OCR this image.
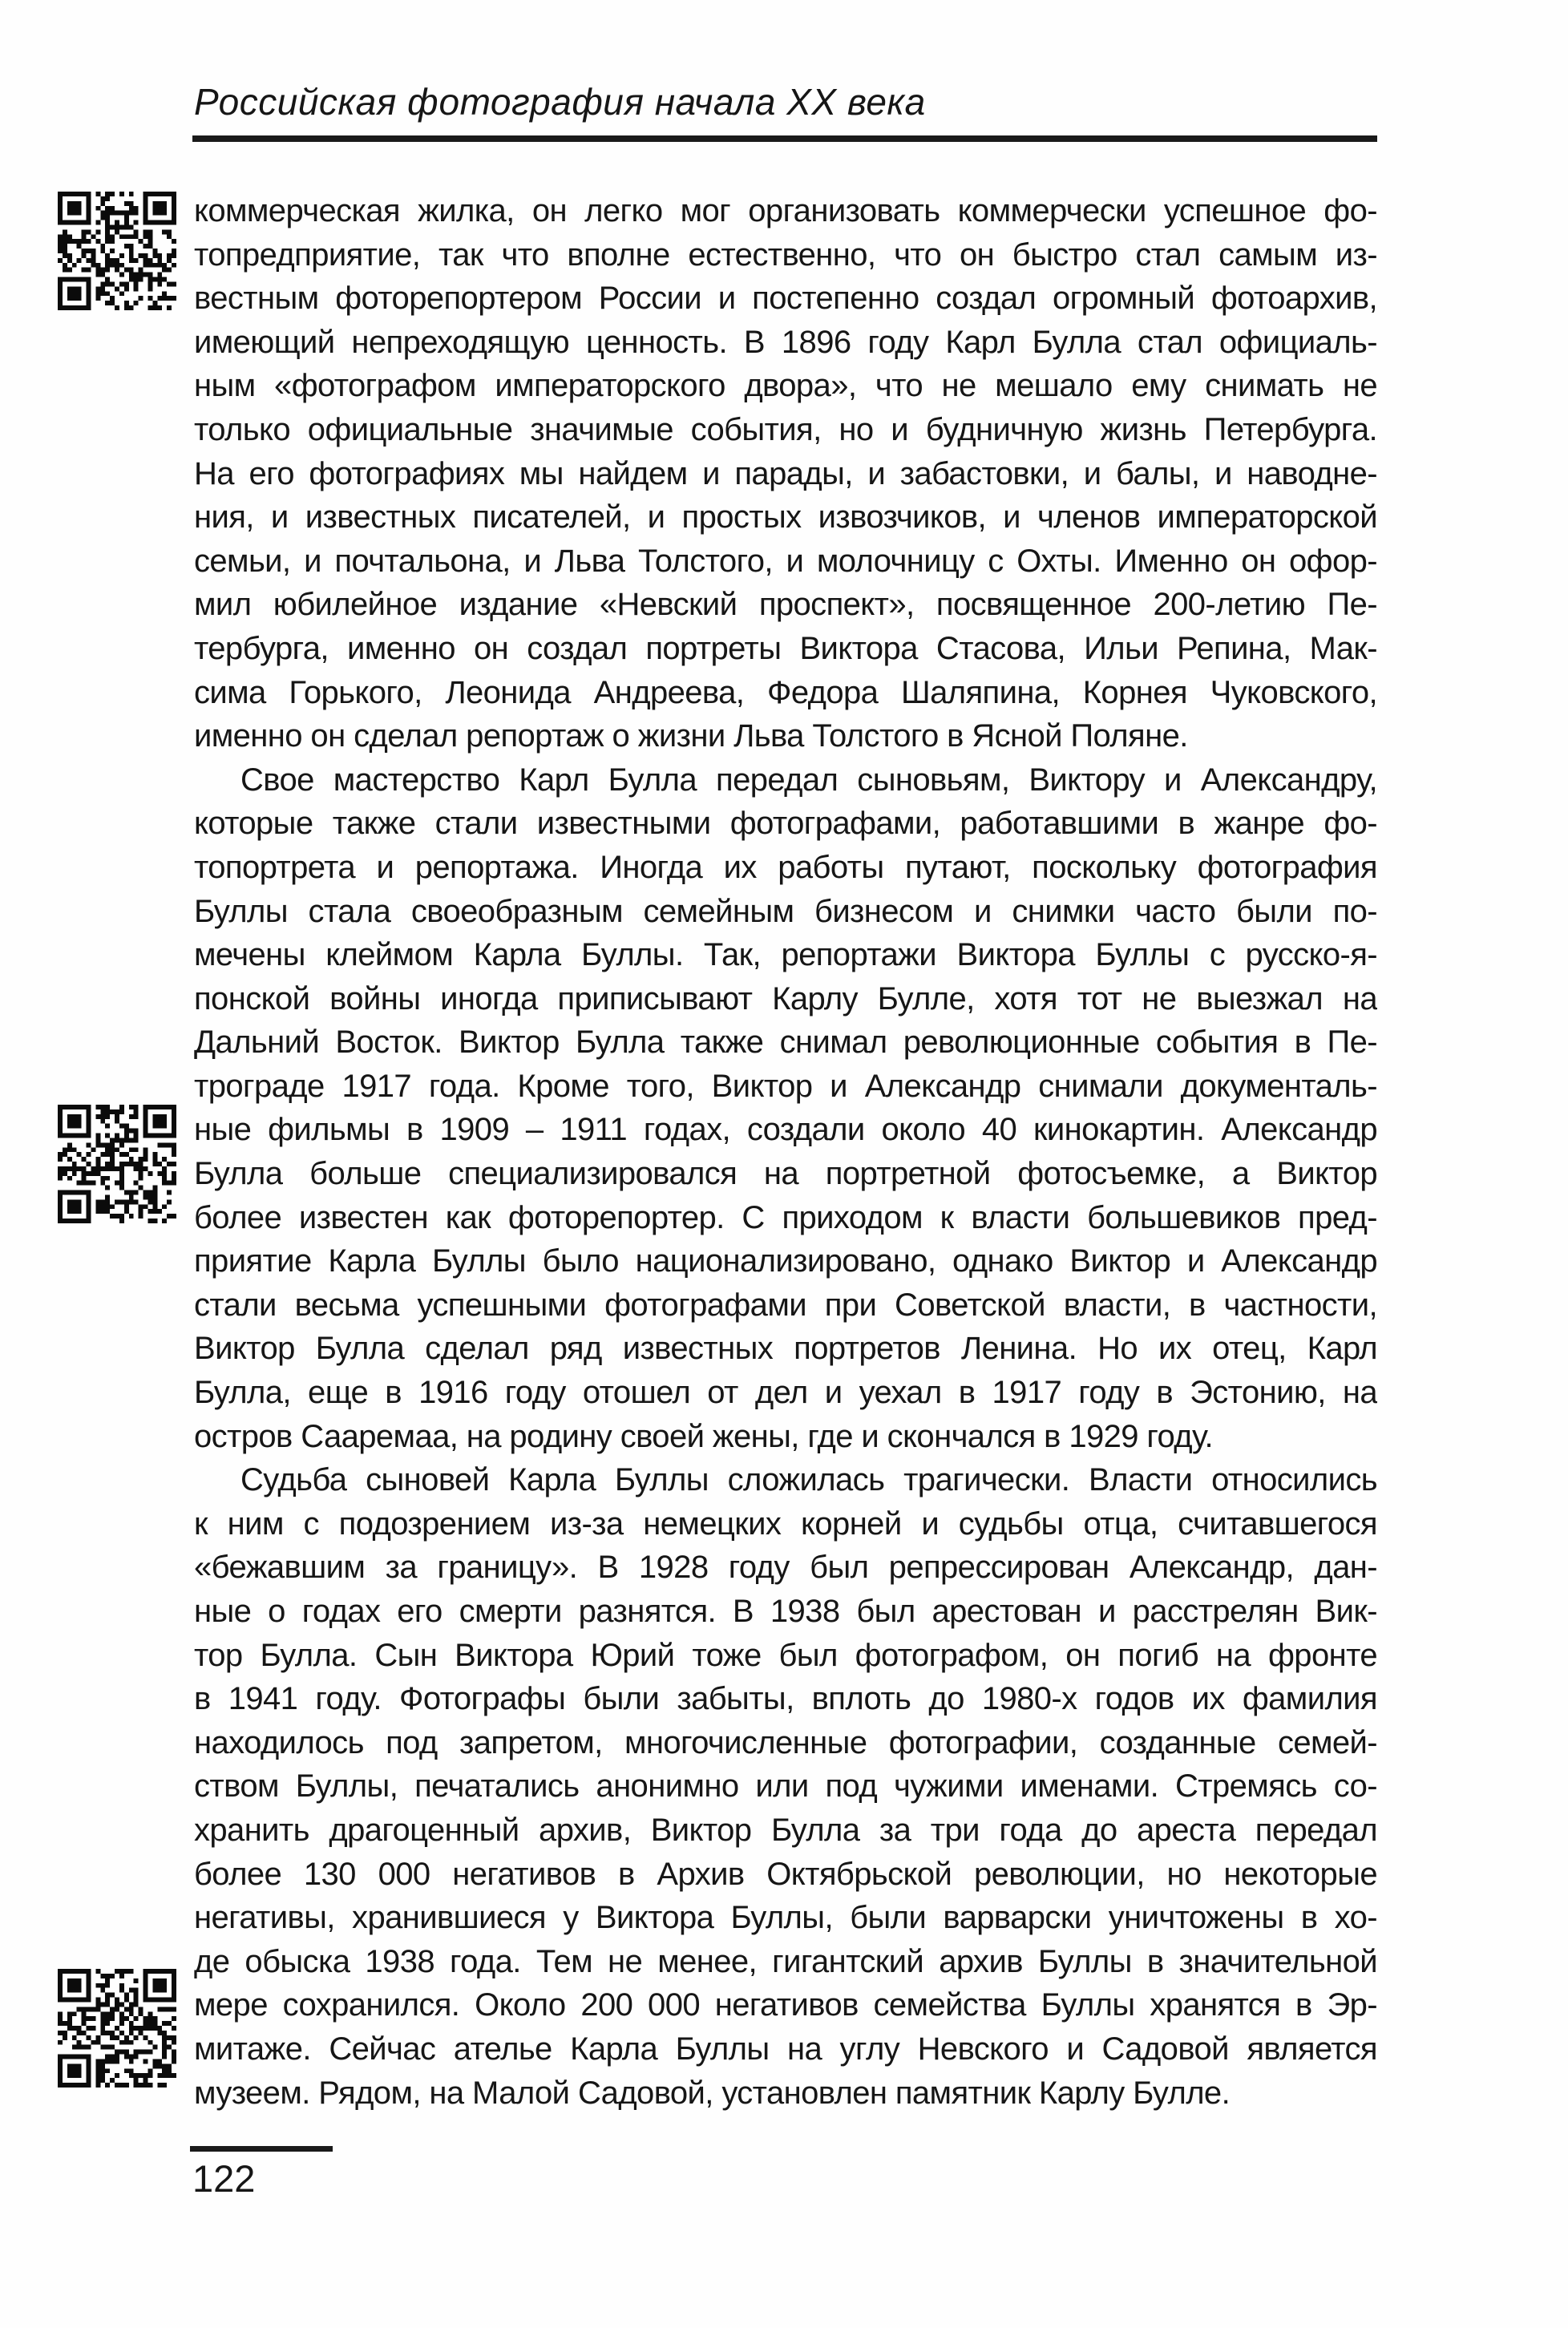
Российская фотография начала XX века
коммерческая жилка, он легко мог организовать коммерчески успешное фо-
топредприятие, так что вполне естественно, что он быстро стал самым из-
вестным фоторепортером России и постепенно создал огромный фотоархив,
имеющий непреходящую ценность. В 1896 году Карл Булла стал официаль-
ным «фотографом императорского двора», что не мешало ему снимать не
только официальные значимые события, но и будничную жизнь Петербурга.
На его фотографиях мы найдем и парады, и забастовки, и балы, и наводне-
ния, и известных писателей, и простых извозчиков, и членов императорской
семьи, и почтальона, и Льва Толстого, и молочницу с Охты. Именно он офор-
мил юбилейное издание «Невский проспект», посвященное 200-летию Пе-
тербурга, именно он создал портреты Виктора Стасова, Ильи Репина, Мак-
сима Горького, Леонида Андреева, Федора Шаляпина, Корнея Чуковского,
именно он сделал репортаж о жизни Льва Толстого в Ясной Поляне.
Свое мастерство Карл Булла передал сыновьям, Виктору и Александру,
которые также стали известными фотографами, работавшими в жанре фо-
топортрета и репортажа. Иногда их работы путают, поскольку фотография
Буллы стала своеобразным семейным бизнесом и снимки часто были по-
мечены клеймом Карла Буллы. Так, репортажи Виктора Буллы с русско-я-
понской войны иногда приписывают Карлу Булле, хотя тот не выезжал на
Дальний Восток. Виктор Булла также снимал революционные события в Пе-
трограде 1917 года. Кроме того, Виктор и Александр снимали документаль-
ные фильмы в 1909 – 1911 годах, создали около 40 кинокартин. Александр
Булла больше специализировался на портретной фотосъемке, а Виктор
более известен как фоторепортер. С приходом к власти большевиков пред-
приятие Карла Буллы было национализировано, однако Виктор и Александр
стали весьма успешными фотографами при Советской власти, в частности,
Виктор Булла сделал ряд известных портретов Ленина. Но их отец, Карл
Булла, еще в 1916 году отошел от дел и уехал в 1917 году в Эстонию, на
остров Сааремаа, на родину своей жены, где и скончался в 1929 году.
Судьба сыновей Карла Буллы сложилась трагически. Власти относились
к ним с подозрением из-за немецких корней и судьбы отца, считавшегося
«бежавшим за границу». В 1928 году был репрессирован Александр, дан-
ные о годах его смерти разнятся. В 1938 был арестован и расстрелян Вик-
тор Булла. Сын Виктора Юрий тоже был фотографом, он погиб на фронте
в 1941 году. Фотографы были забыты, вплоть до 1980-х годов их фамилия
находилось под запретом, многочисленные фотографии, созданные семей-
ством Буллы, печатались анонимно или под чужими именами. Стремясь со-
хранить драгоценный архив, Виктор Булла за три года до ареста передал
более 130 000 негативов в Архив Октябрьской революции, но некоторые
негативы, хранившиеся у Виктора Буллы, были варварски уничтожены в хо-
де обыска 1938 года. Тем не менее, гигантский архив Буллы в значительной
мере сохранился. Около 200 000 негативов семейства Буллы хранятся в Эр-
митаже. Сейчас ателье Карла Буллы на углу Невского и Садовой является
музеем. Рядом, на Малой Садовой, установлен памятник Карлу Булле.
122
